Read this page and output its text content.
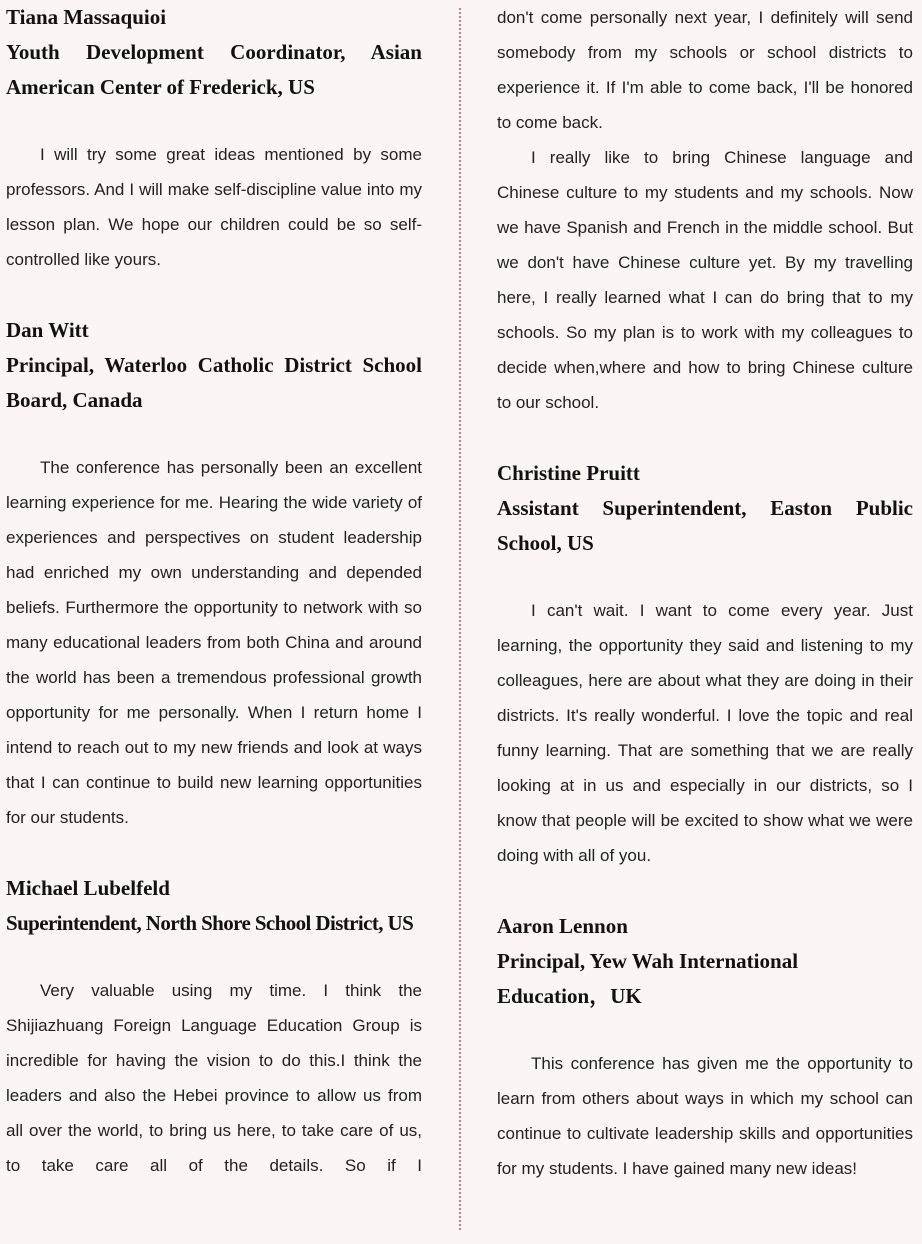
Tiana Massaquioi
Youth Development Coordinator, Asian
American Center of Frederick, US

I will try some great ideas mentioned by some professors. And I will make self-discipline value into my lesson plan. We hope our children could be so self-controlled like yours.

Dan Witt
Principal, Waterloo Catholic District School
Board, Canada

The conference has personally been an excellent learning experience for me. Hearing the wide variety of experiences and perspectives on student leadership had enriched my own understanding and depended beliefs. Furthermore the opportunity to network with so many educational leaders from both China and around the world has been a tremendous professional growth opportunity for me personally. When I return home I intend to reach out to my new friends and look at ways that I can continue to build new learning opportunities for our students.

Michael Lubelfeld
Superintendent, North Shore School District, US

Very valuable using my time. I think the Shijiazhuang Foreign Language Education Group is incredible for having the vision to do this.I think the leaders and also the Hebei province to allow us from all over the world, to bring us here, to take care of us, to take care all of the details. So if I

don't come personally next year, I definitely will send somebody from my schools or school districts to experience it. If I'm able to come back, I'll be honored to come back.

I really like to bring Chinese language and Chinese culture to my students and my schools. Now we have Spanish and French in the middle school. But we don't have Chinese culture yet. By my travelling here, I really learned what I can do bring that to my schools. So my plan is to work with my colleagues to decide when,where and how to bring Chinese culture to our school.

Christine Pruitt
Assistant Superintendent, Easton Public
School, US

I can't wait. I want to come every year. Just learning, the opportunity they said and listening to my colleagues, here are about what they are doing in their districts. It's really wonderful. I love the topic and real funny learning. That are something that we are really looking at in us and especially in our districts, so I know that people will be excited to show what we were doing with all of you.

Aaron Lennon
Principal, Yew Wah International
Education，UK

This conference has given me the opportunity to learn from others about ways in which my school can continue to cultivate leadership skills and opportunities for my students. I have gained many new ideas!
